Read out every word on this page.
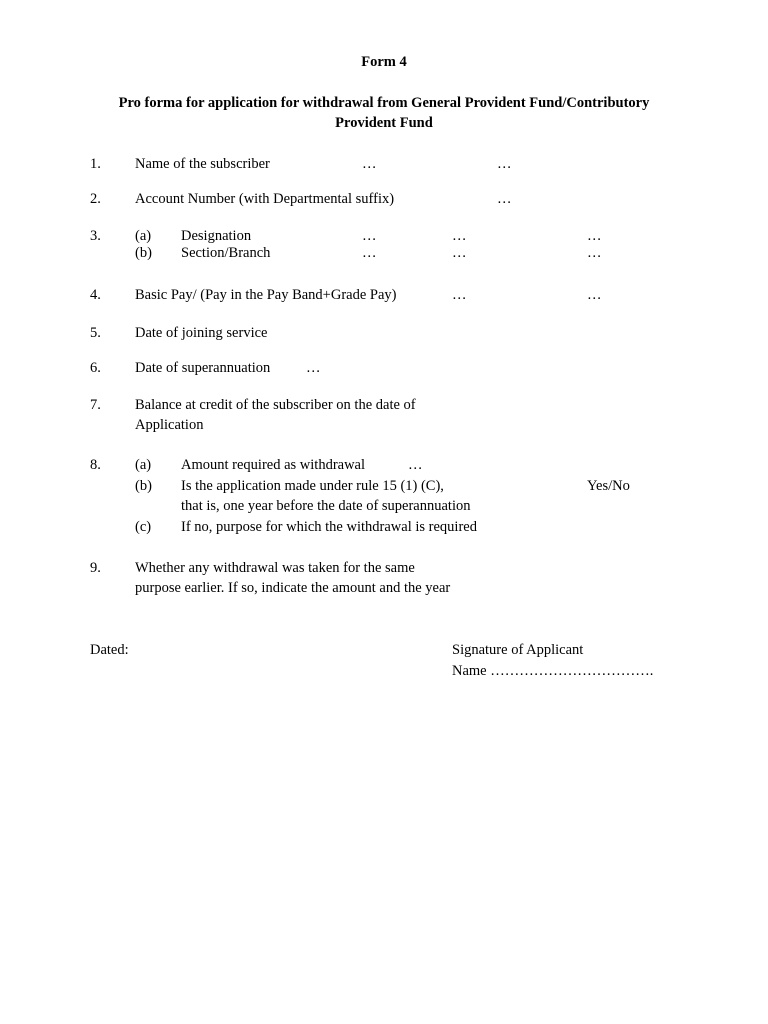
Form 4
Pro forma for application for withdrawal from General Provident Fund/Contributory
Provident Fund
1. Name of the subscriber	…	…
2. Account Number (with Departmental suffix)	…
3. (a) Designation	…	…	…
(b) Section/Branch	…	…	…
4. Basic Pay/ (Pay in the Pay Band+Grade Pay)	…	…
5. Date of joining service
6. Date of superannuation …
7. Balance at credit of the subscriber on the date of
Application
8. (a) Amount required as withdrawal	…
(b) Is the application made under rule 15 (1) (C),	Yes/No
that is, one year before the date of superannuation
(c) If no, purpose for which the withdrawal is required
9. Whether any withdrawal was taken for the same
purpose earlier. If so, indicate the amount and the year
Dated:	Signature of Applicant
Name …………………………….
